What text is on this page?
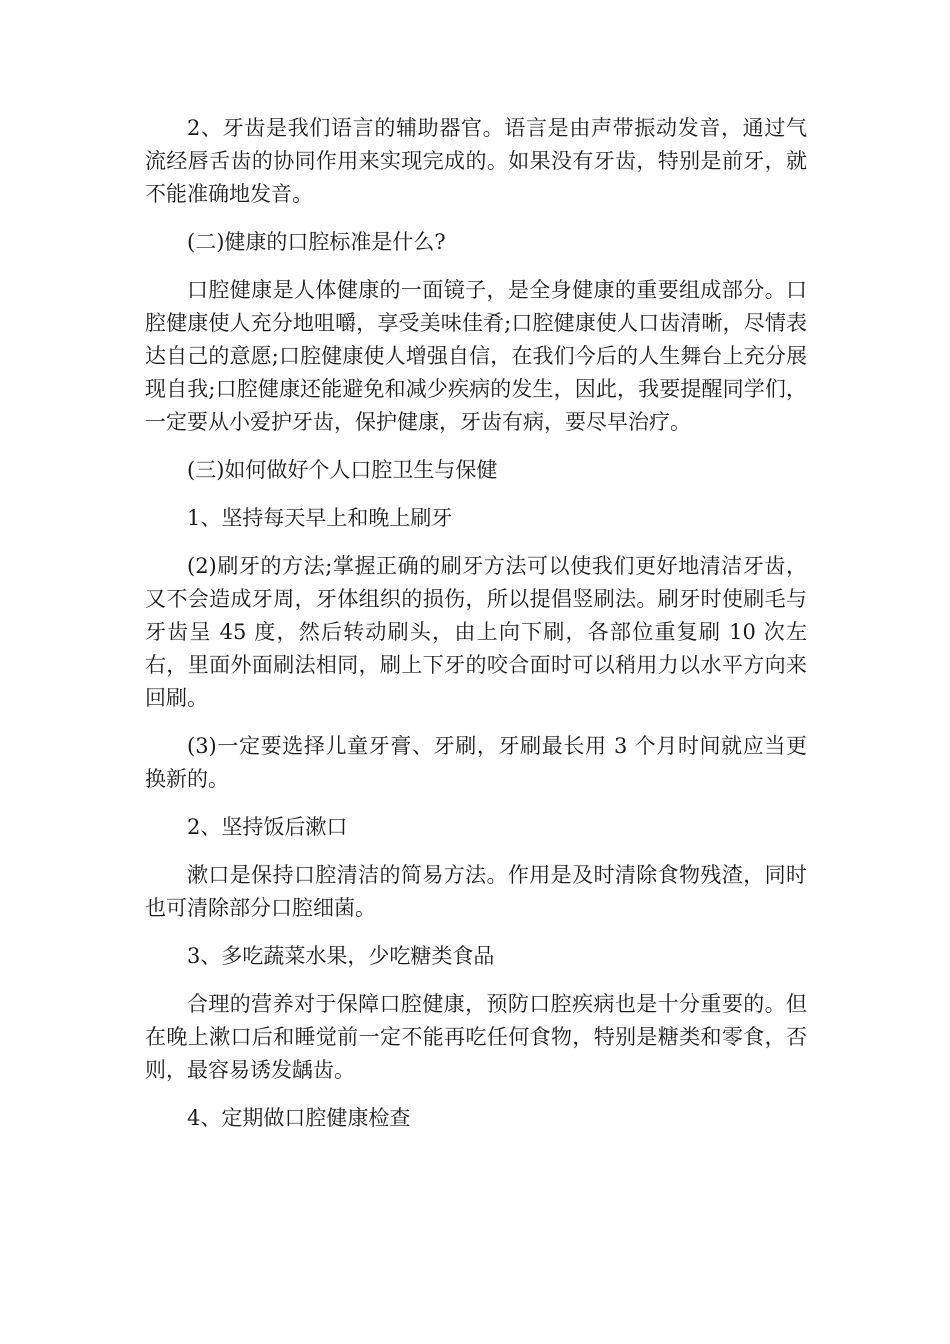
2、牙齿是我们语言的辅助器官。语言是由声带振动发音，通过气流经唇舌齿的协同作用来实现完成的。如果没有牙齿，特别是前牙，就不能准确地发音。

(二)健康的口腔标准是什么?

口腔健康是人体健康的一面镜子，是全身健康的重要组成部分。口腔健康使人充分地咀嚼，享受美味佳肴;口腔健康使人口齿清晰，尽情表达自己的意愿;口腔健康使人增强自信，在我们今后的人生舞台上充分展现自我;口腔健康还能避免和减少疾病的发生，因此，我要提醒同学们，一定要从小爱护牙齿，保护健康，牙齿有病，要尽早治疗。

(三)如何做好个人口腔卫生与保健

1、坚持每天早上和晚上刷牙

(2)刷牙的方法;掌握正确的刷牙方法可以使我们更好地清洁牙齿，又不会造成牙周，牙体组织的损伤，所以提倡竖刷法。刷牙时使刷毛与牙齿呈 45 度，然后转动刷头，由上向下刷，各部位重复刷 10 次左右，里面外面刷法相同，刷上下牙的咬合面时可以稍用力以水平方向来回刷。

(3)一定要选择儿童牙膏、牙刷，牙刷最长用 3 个月时间就应当更换新的。

2、坚持饭后漱口

漱口是保持口腔清洁的简易方法。作用是及时清除食物残渣，同时也可清除部分口腔细菌。

3、多吃蔬菜水果，少吃糖类食品

合理的营养对于保障口腔健康，预防口腔疾病也是十分重要的。但在晚上漱口后和睡觉前一定不能再吃任何食物，特别是糖类和零食，否则，最容易诱发龋齿。

4、定期做口腔健康检查
